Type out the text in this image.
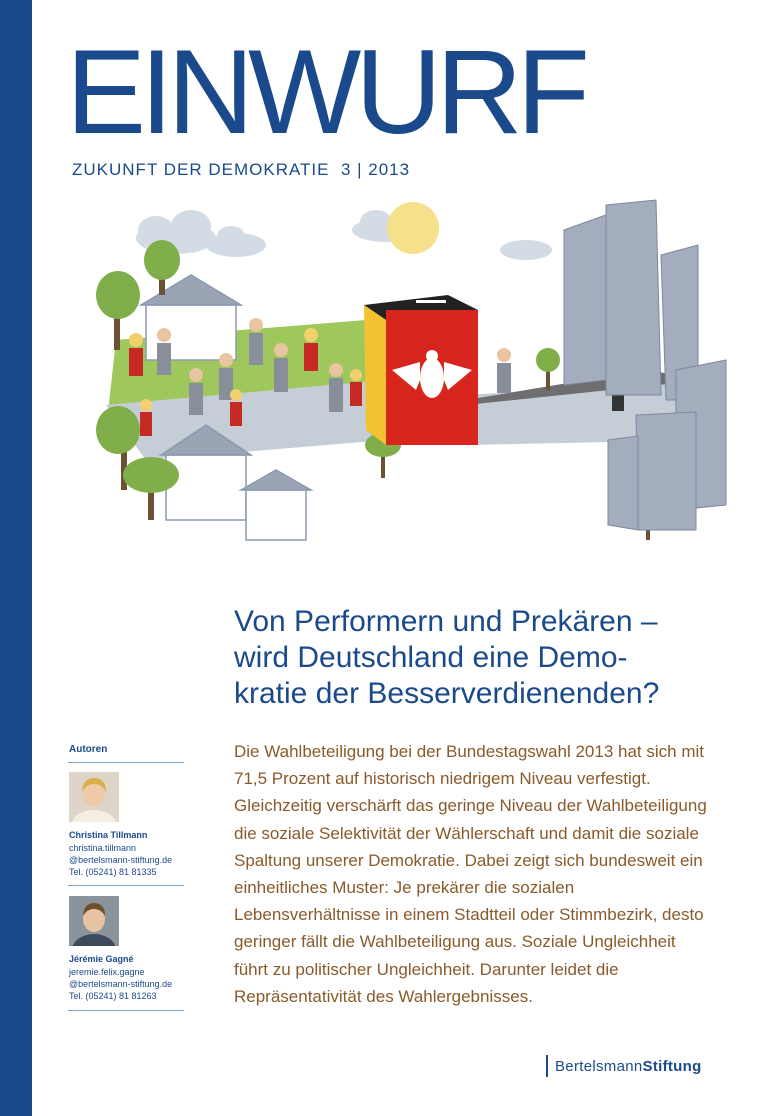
EINWURF
ZUKUNFT DER DEMOKRATIE  3 | 2013
Von Performern und Prekären –
wird Deutschland eine Demo-
kratie der Besserverdienenden?
Die Wahlbeteiligung bei der Bundestagswahl 2013 hat sich mit 71,5 Prozent auf historisch niedrigem Niveau verfestigt. Gleichzeitig verschärft das geringe Niveau der Wahlbeteiligung die soziale Selektivität der Wählerschaft und damit die soziale Spaltung unserer Demokratie. Dabei zeigt sich bundesweit ein einheitliches Muster: Je prekärer die sozialen Lebensverhältnisse in einem Stadtteil oder Stimmbezirk, desto geringer fällt die Wahlbeteiligung aus. Soziale Ungleichheit führt zu politischer Ungleichheit. Darunter leidet die Repräsentativität des Wahlergebnisses.
Autoren
Christina Tillmann
christina.tillmann
@bertelsmann-stiftung.de
Tel. (05241) 81 81335
Jérémie Gagné
jeremie.felix.gagne
@bertelsmann-stiftung.de
Tel. (05241) 81 81263
BertelsmannStiftung
